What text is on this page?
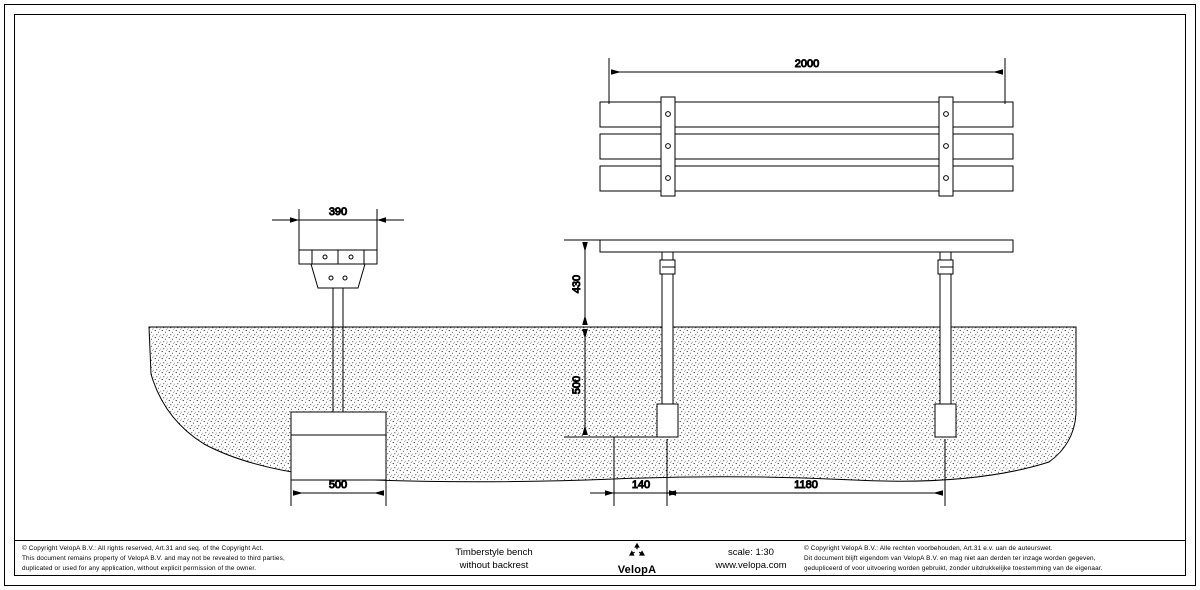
2000
390
500
430
500
140	1180
© Copyright VelopA B.V.: All rights reserved, Art.31 and seq. of the Copyright Act.
This document remains property of VelopA B.V. and may not be revealed to third parties,
duplicated or used for any application, without explicit permission of the owner.
Timberstyle bench
without backrest	VelopA
scale: 1:30
www.velopa.com
© Copyright VelopA B.V.: Alle rechten voorbehouden, Art.31 e.v. uan de auteurswet.
Dit document blijft eigendom van VelopA B.V. en mag niet aan derden ter inzage worden gegeven,
gedupliceerd of voor uitvoering worden gebruikt, zonder uitdrukkelijke toestemming van de eigenaar.
